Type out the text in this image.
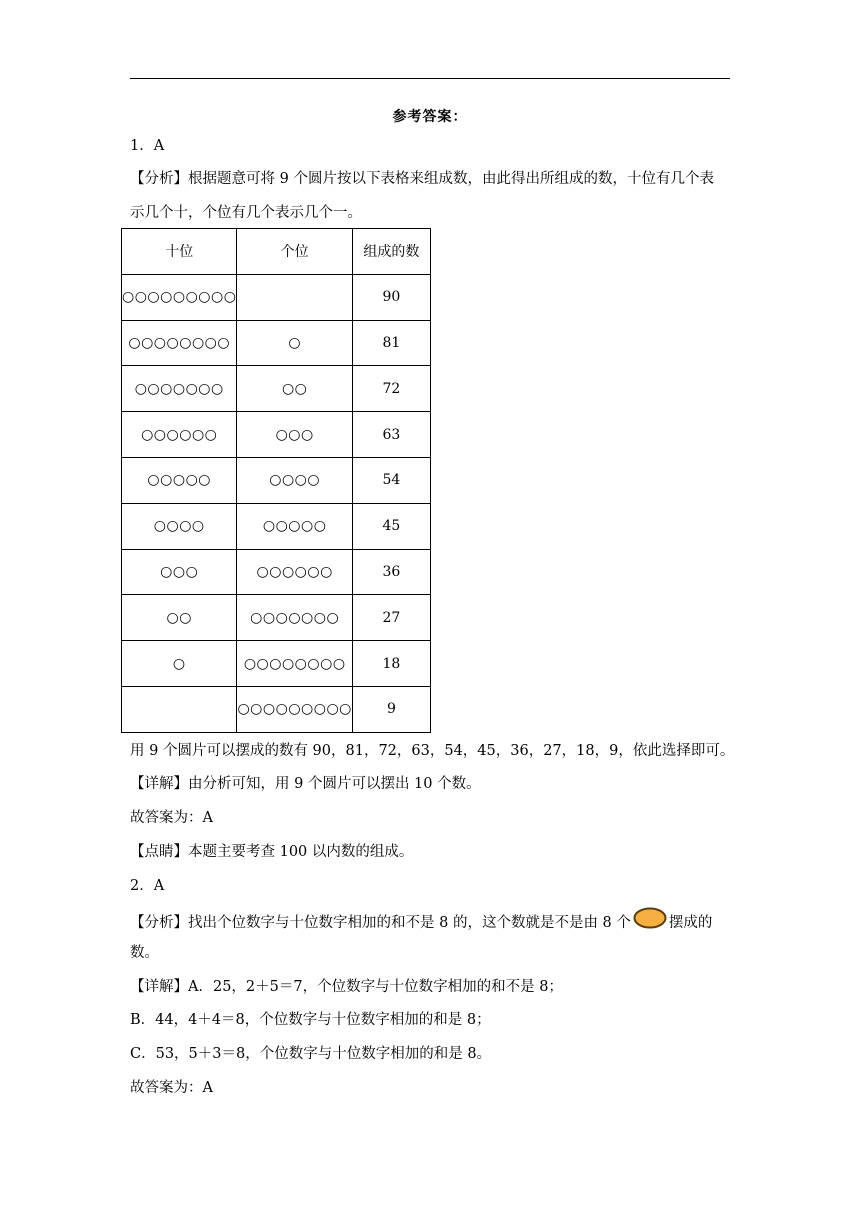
参考答案：
1．A
【分析】根据题意可将 9 个圆片按以下表格来组成数，由此得出所组成的数，十位有几个表
示几个十，个位有几个表示几个一。
十位	个位	组成的数
○○○○○○○○○		90
○○○○○○○○	○	81
○○○○○○○	○○	72
○○○○○○	○○○	63
○○○○○	○○○○	54
○○○○	○○○○○	45
○○○	○○○○○○	36
○○	○○○○○○○	27
○	○○○○○○○○	18
	○○○○○○○○○	9
用 9 个圆片可以摆成的数有 90，81，72，63，54，45，36，27，18，9，依此选择即可。
【详解】由分析可知，用 9 个圆片可以摆出 10 个数。
故答案为：A
【点睛】本题主要考查 100 以内数的组成。
2．A
【分析】找出个位数字与十位数字相加的和不是 8 的，这个数就是不是由 8 个	摆成的
数。
【详解】A．25，2＋5＝7，个位数字与十位数字相加的和不是 8；
B．44，4＋4＝8，个位数字与十位数字相加的和是 8；
C．53，5＋3＝8，个位数字与十位数字相加的和是 8。
故答案为：A
